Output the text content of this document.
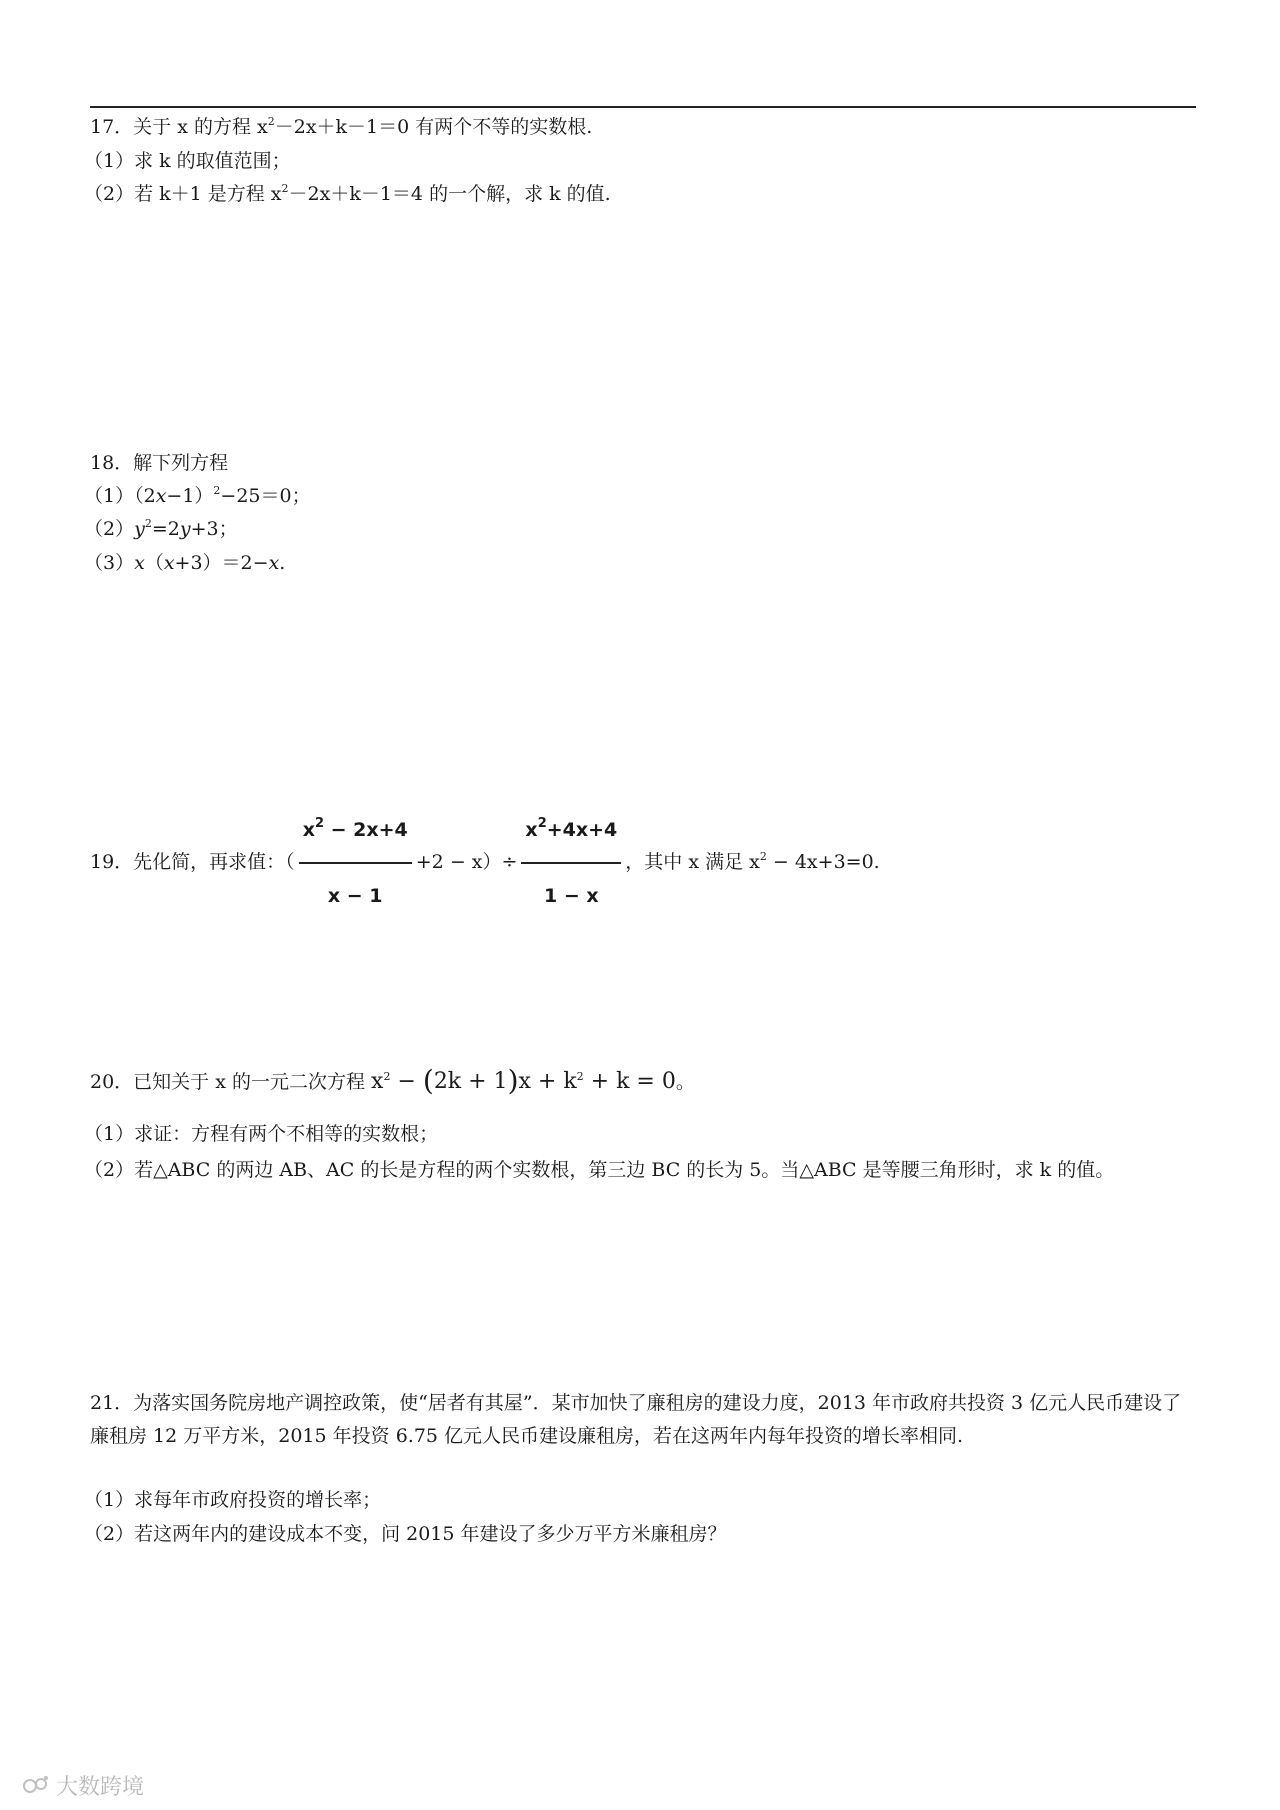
17．关于 x 的方程 $x^2-2x+k-1=0$ 有两个不等的实数根.
（1）求 k 的取值范围；
（2）若 k＋1 是方程 $x^2-2x+k-1=4$ 的一个解，求 k 的值.
18．解下列方程
$(1)(2x-1)^2-25=0$；
$(2)y^2=2y+3$；
（3）x（x+3）＝2−x.
19．先化简，再求值：（ $\frac{x^2 - 2x+4}{x - 1} +2 - x)\div \frac{x^2+4x+4}{1 - x}$ ，其中 x 满足 $x^2 - 4x+3=0$.
20．已知关于 x 的一元二次方程 $x^2 - (2k + 1)x + k^2 + k = 0$。
（1）求证：方程有两个不相等的实数根；
（2）若△ABC 的两边 AB、AC 的长是方程的两个实数根，第三边 BC 的长为 5。当△ABC 是等腰三角形时，求 k 的值。
21．为落实国务院房地产调控政策，使“居者有其屋”．某市加快了廉租房的建设力度，2013 年市政府共投资 3 亿元人民币建设了廉租房 12 万平方米，2015 年投资 6.75 亿元人民币建设廉租房，若在这两年内每年投资的增长率相同.
（1）求每年市政府投资的增长率；
（2）若这两年内的建设成本不变，问 2015 年建设了多少万平方米廉租房？
大数跨境
